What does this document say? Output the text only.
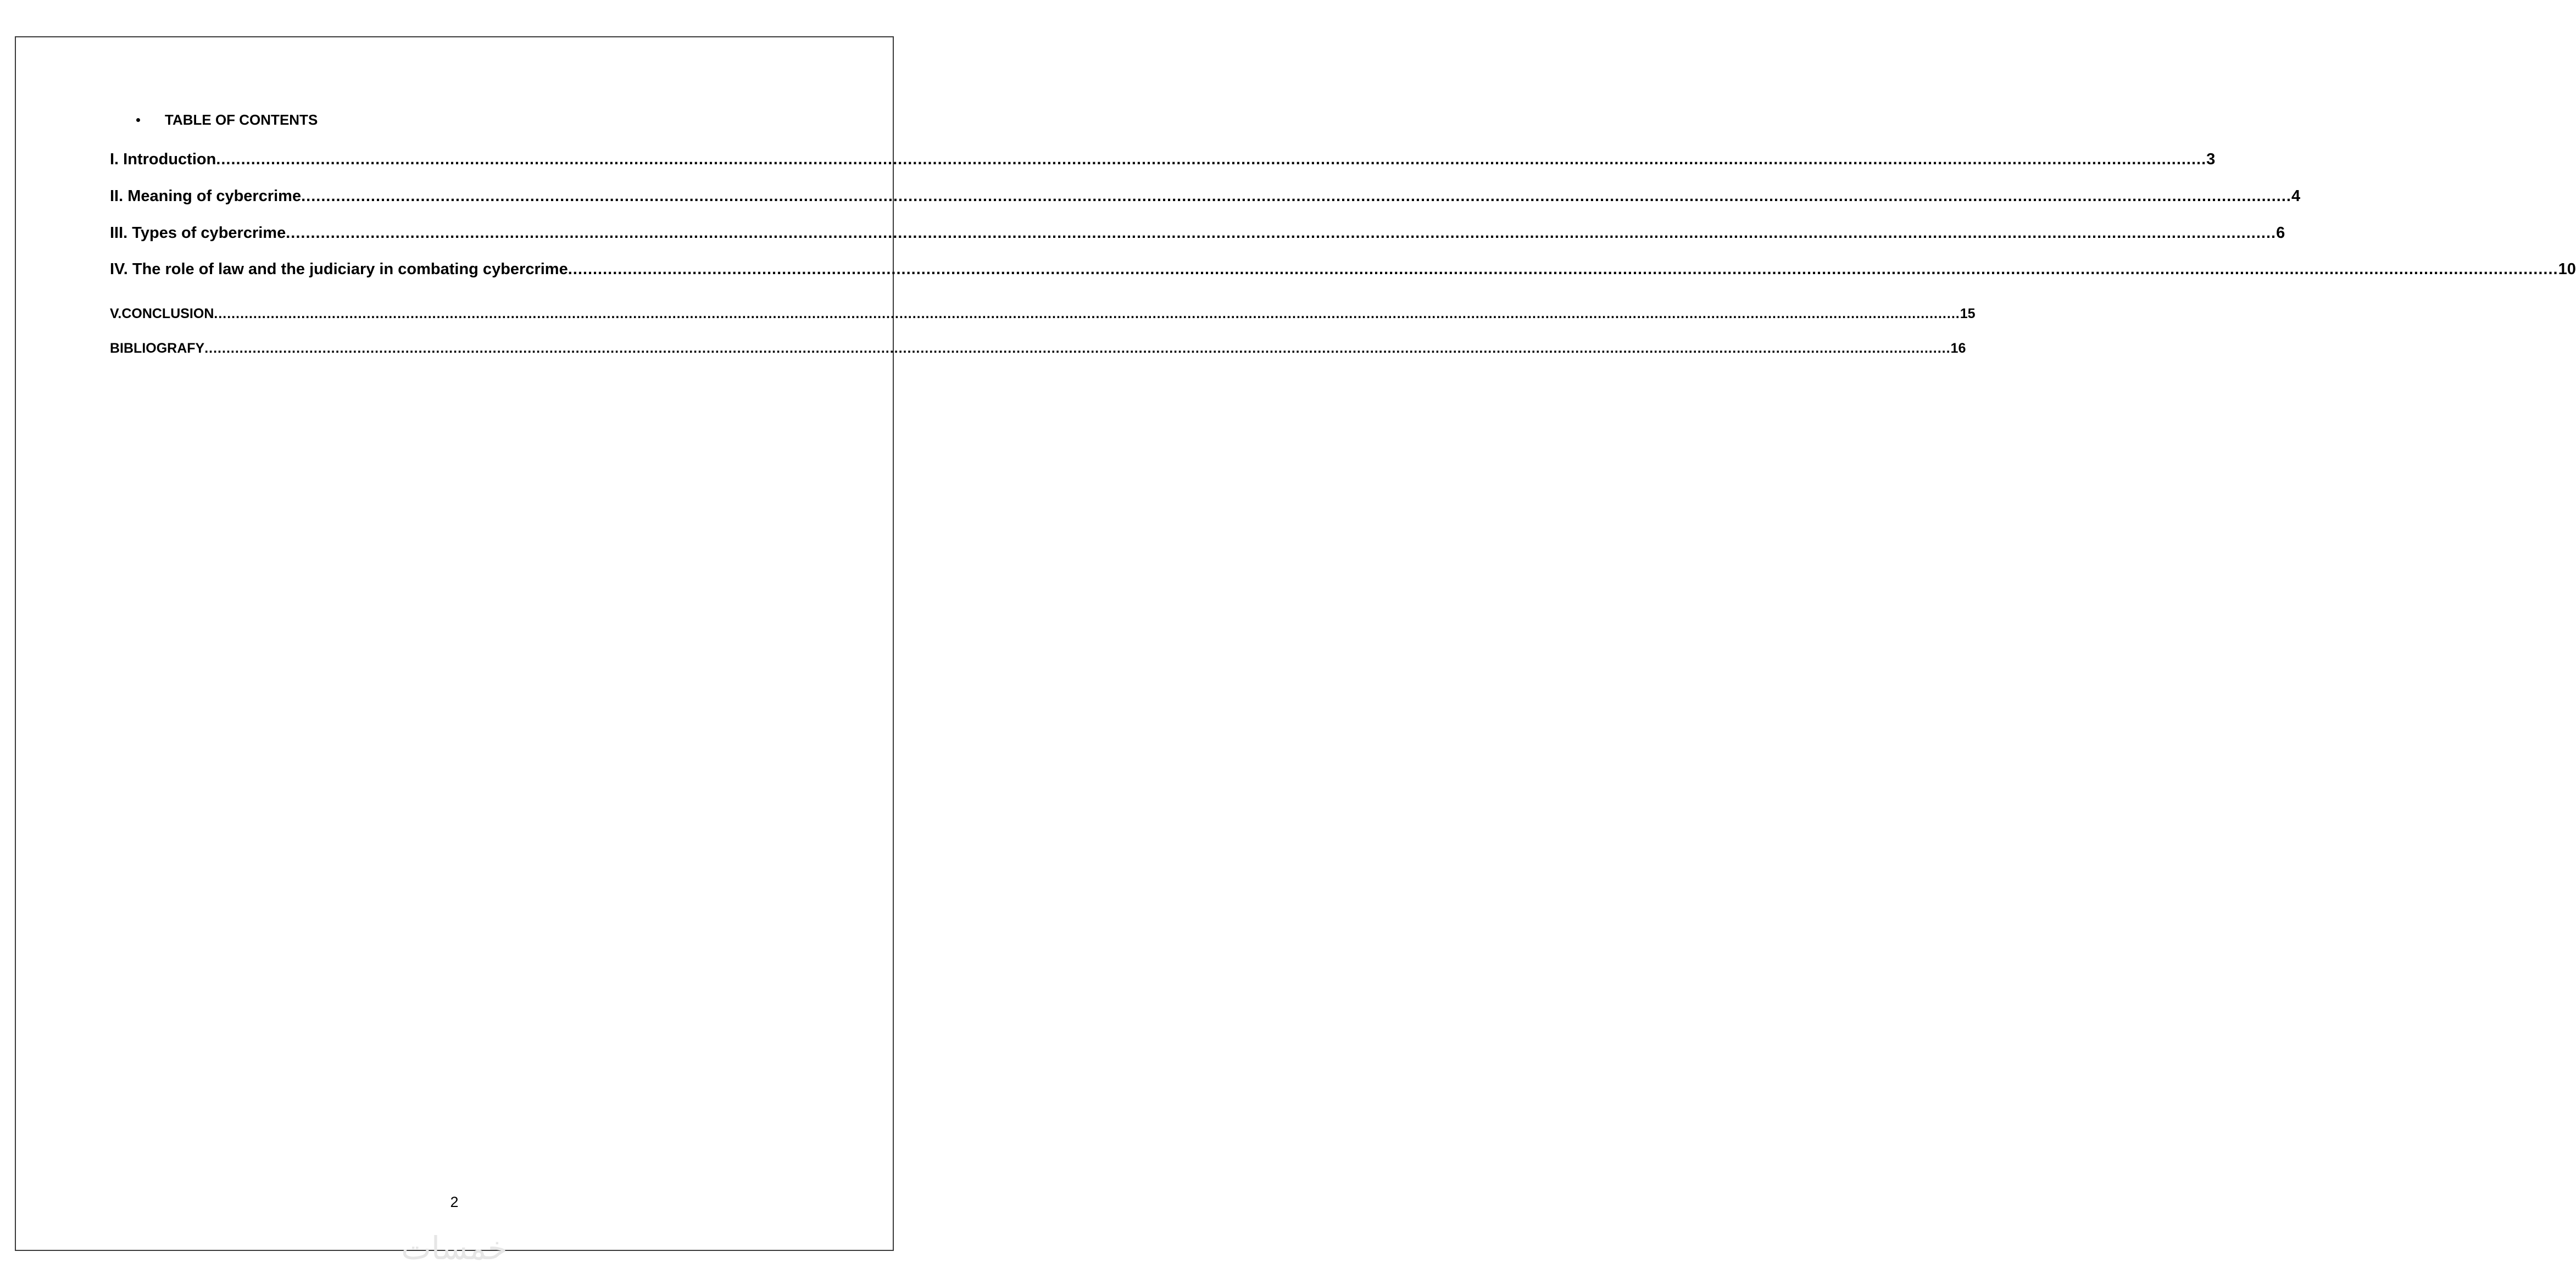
TABLE OF CONTENTS
I. Introduction ................................................................................................................................................................................................................................................................................................................................................................................................................ 3
II. Meaning of cybercrime ................................................................................................................................................................................................................................................................................................................................................................................................................ 4
III. Types of cybercrime ................................................................................................................................................................................................................................................................................................................................................................................................................ 6
IV. The role of law and the judiciary in combating cybercrime ................................................................................................................................................................................................................................................................................................................................................................................................................ 10
V.CONCLUSION ................................................................................................................................................................................................................................................................................................................................................................................................................ 15
BIBLIOGRAFY ................................................................................................................................................................................................................................................................................................................................................................................................................ 16
2
خمسات
